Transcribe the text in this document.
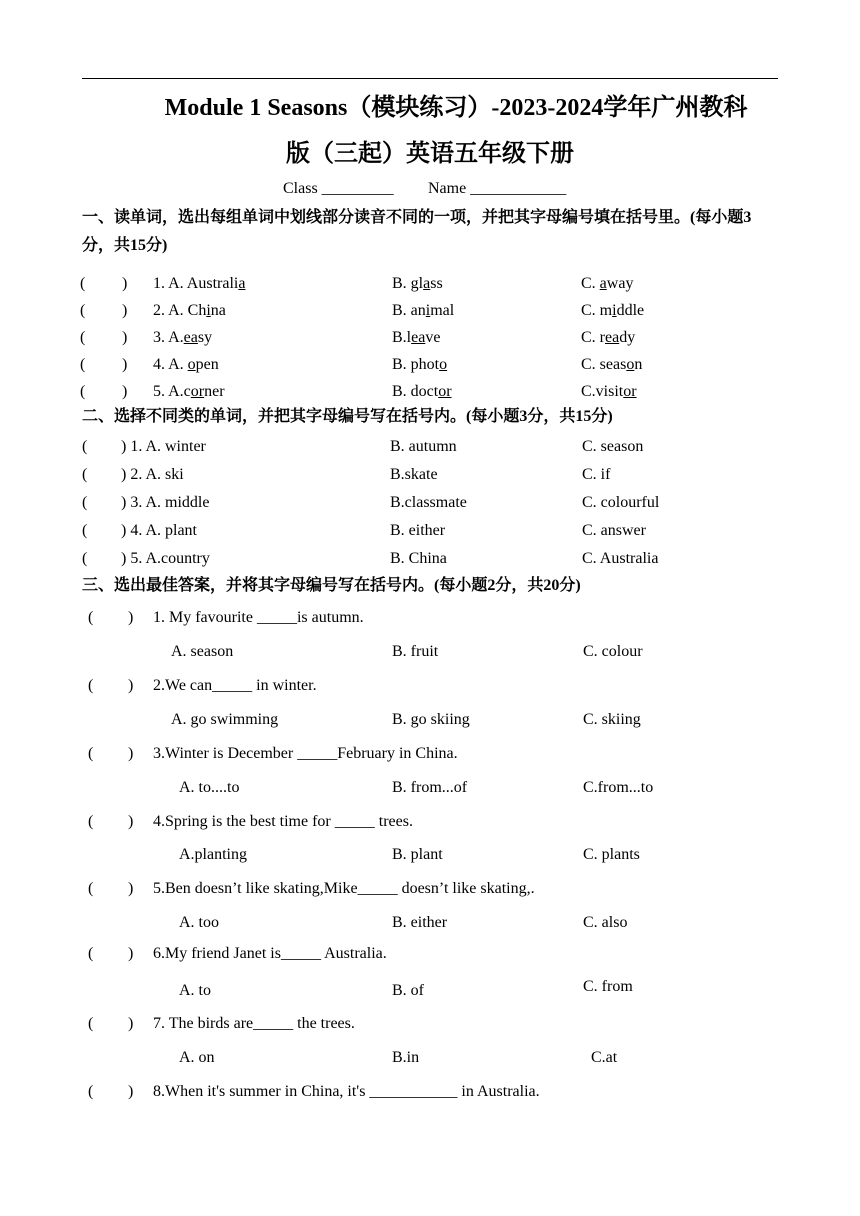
Module 1 Seasons（模块练习）-2023-2024学年广州教科
版（三起）英语五年级下册
Class _________ Name ____________
一、读单词，选出每组单词中划线部分读音不同的一项，并把其字母编号填在括号里。(每小题3分，共15分)
( ) 1. A. Australia	B. glass	C. away
( ) 2. A. China	B. animal	C. middle
( ) 3. A.easy	B.leave	C. ready
( ) 4. A. open	B. photo	C. season
( ) 5. A.corner	B. doctor	C.visitor
二、选择不同类的单词，并把其字母编号写在括号内。(每小题3分，共15分)
( ) 1. A. winter	B. autumn	C. season
( ) 2. A. ski	B.skate	C. if
( ) 3. A. middle	B.classmate	C. colourful
( ) 4. A. plant	B. either	C. answer
( ) 5. A.country	B. China	C. Australia
三、选出最佳答案，并将其字母编号写在括号内。(每小题2分，共20分)
( ) 1. My favourite _____is autumn.
A. season	B. fruit	C. colour
( ) 2.We can_____ in winter.
A. go swimming	B. go skiing	C. skiing
( ) 3.Winter is December _____February in China.
A. to....to	B. from...of	C.from...to
( ) 4.Spring is the best time for _____ trees.
A.planting	B. plant	C. plants
( ) 5.Ben doesn’t like skating,Mike_____ doesn’t like skating,.
A. too	B. either	C. also
( ) 6.My friend Janet is_____ Australia.
A. to	B. of	C. from
( ) 7. The birds are_____ the trees.
A. on	B.in	C.at
( ) 8.When it's summer in China, it's ___________ in Australia.
